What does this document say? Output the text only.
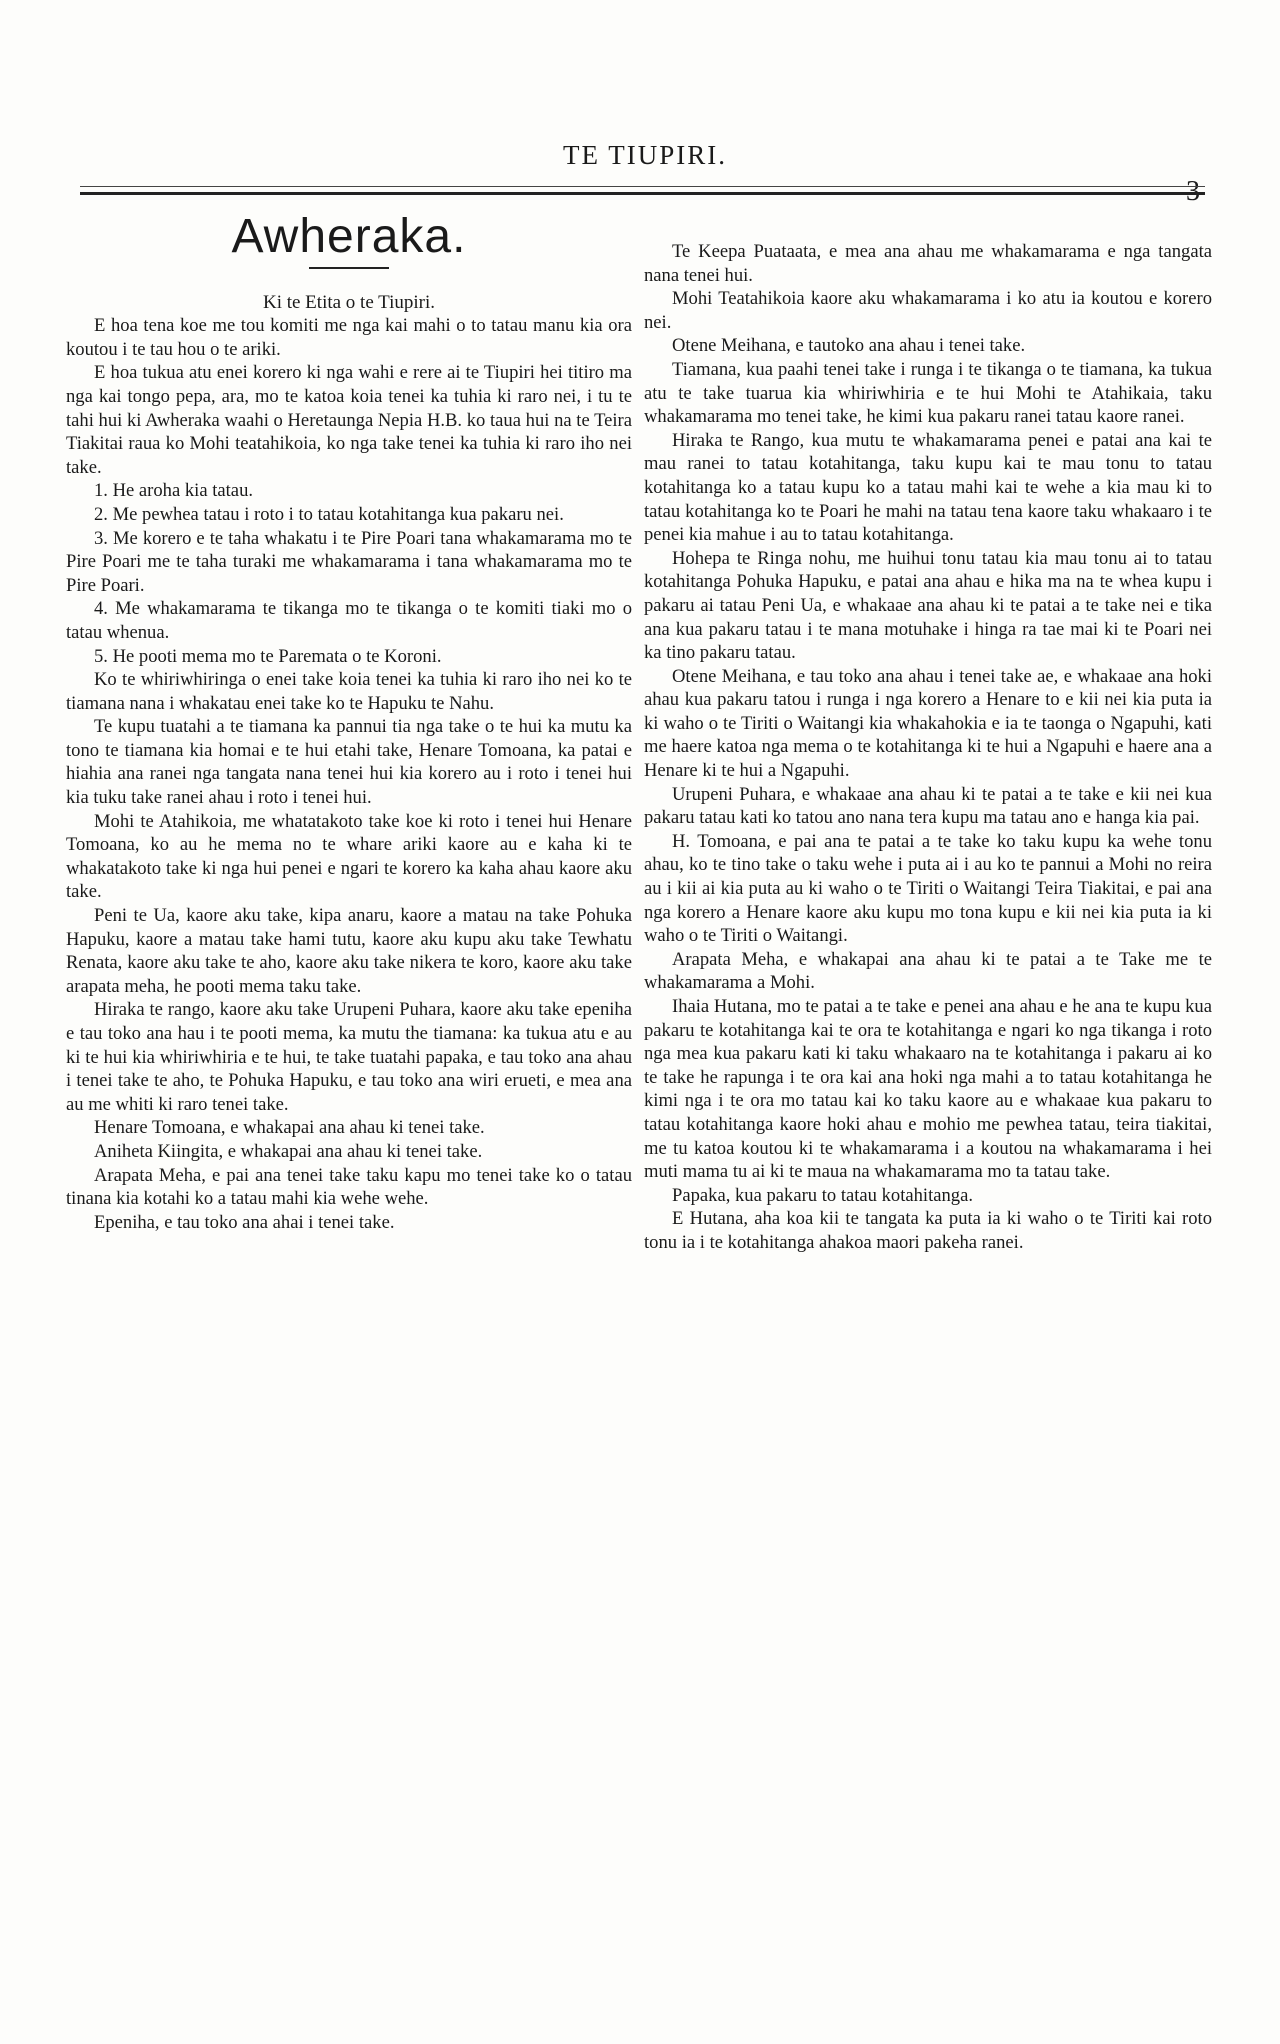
TE TIUPIRI.
3
Awheraka.

Ki te Etita o te Tiupiri.

E hoa tena koe me tou komiti me nga kai mahi o to tatau manu kia ora koutou i te tau hou o te ariki.

E hoa tukua atu enei korero ki nga wahi e rere ai te Tiupiri hei titiro ma nga kai tongo pepa, ara, mo te katoa koia tenei ka tuhia ki raro nei, i tu te tahi hui ki Awheraka waahi o Heretaunga Nepia H.B. ko taua hui na te Teira Tiakitai raua ko Mohi teatahikoia, ko nga take tenei ka tuhia ki raro iho nei take.

1. He aroha kia tatau.

2. Me pewhea tatau i roto i to tatau kotahitanga kua pakaru nei.

3. Me korero e te taha whakatu i te Pire Poari tana whakamarama mo te Pire Poari me te taha turaki me whakamarama i tana whakamarama mo te Pire Poari.

4. Me whakamarama te tikanga mo te tikanga o te komiti tiaki mo o tatau whenua.

5. He pooti mema mo te Paremata o te Koroni.

Ko te whiriwhiringa o enei take koia tenei ka tuhia ki raro iho nei ko te tiamana nana i whakatau enei take ko te Hapuku te Nahu.

Te kupu tuatahi a te tiamana ka pannui tia nga take o te hui ka mutu ka tono te tiamana kia homai e te hui etahi take, Henare Tomoana, ka patai e hiahia ana ranei nga tangata nana tenei hui kia korero au i roto i tenei hui kia tuku take ranei ahau i roto i tenei hui.

Mohi te Atahikoia, me whatatakoto take koe ki roto i tenei hui Henare Tomoana, ko au he mema no te whare ariki kaore au e kaha ki te whakatakoto take ki nga hui penei e ngari te korero ka kaha ahau kaore aku take.

Peni te Ua, kaore aku take, kipa anaru, kaore a matau na take Pohuka Hapuku, kaore a matau take hami tutu, kaore aku kupu aku take Tewhatu Renata, kaore aku take te aho, kaore aku take nikera te koro, kaore aku take arapata meha, he pooti mema taku take.

Hiraka te rango, kaore aku take Urupeni Puhara, kaore aku take epeniha e tau toko ana hau i te pooti mema, ka mutu the tiamana: ka tukua atu e au ki te hui kia whiriwhiria e te hui, te take tuatahi papaka, e tau toko ana ahau i tenei take te aho, te Pohuka Hapuku, e tau toko ana wiri erueti, e mea ana au me whiti ki raro tenei take.

Henare Tomoana, e whakapai ana ahau ki tenei take.

Aniheta Kiingita, e whakapai ana ahau ki tenei take.

Arapata Meha, e pai ana tenei take taku kapu mo tenei take ko o tatau tinana kia kotahi ko a tatau mahi kia wehe wehe.

Epeniha, e tau toko ana ahai i tenei take.

Te Keepa Puataata, e mea ana ahau me whakamarama e nga tangata nana tenei hui.

Mohi Teatahikoia kaore aku whakamarama i ko atu ia koutou e korero nei.

Otene Meihana, e tautoko ana ahau i tenei take.

Tiamana, kua paahi tenei take i runga i te tikanga o te tiamana, ka tukua atu te take tuarua kia whiriwhiria e te hui Mohi te Atahikaia, taku whakamarama mo tenei take, he kimi kua pakaru ranei tatau kaore ranei.

Hiraka te Rango, kua mutu te whakamarama penei e patai ana kai te mau ranei to tatau kotahitanga, taku kupu kai te mau tonu to tatau kotahitanga ko a tatau kupu ko a tatau mahi kai te wehe a kia mau ki to tatau kotahitanga ko te Poari he mahi na tatau tena kaore taku whakaaro i te penei kia mahue i au to tatau kotahitanga.

Hohepa te Ringa nohu, me huihui tonu tatau kia mau tonu ai to tatau kotahitanga Pohuka Hapuku, e patai ana ahau e hika ma na te whea kupu i pakaru ai tatau Peni Ua, e whakaae ana ahau ki te patai a te take nei e tika ana kua pakaru tatau i te mana motuhake i hinga ra tae mai ki te Poari nei ka tino pakaru tatau.

Otene Meihana, e tau toko ana ahau i tenei take ae, e whakaae ana hoki ahau kua pakaru tatou i runga i nga korero a Henare to e kii nei kia puta ia ki waho o te Tiriti o Waitangi kia whakahokia e ia te taonga o Ngapuhi, kati me haere katoa nga mema o te kotahitanga ki te hui a Ngapuhi e haere ana a Henare ki te hui a Ngapuhi.

Urupeni Puhara, e whakaae ana ahau ki te patai a te take e kii nei kua pakaru tatau kati ko tatou ano nana tera kupu ma tatau ano e hanga kia pai.

H. Tomoana, e pai ana te patai a te take ko taku kupu ka wehe tonu ahau, ko te tino take o taku wehe i puta ai i au ko te pannui a Mohi no reira au i kii ai kia puta au ki waho o te Tiriti o Waitangi Teira Tiakitai, e pai ana nga korero a Henare kaore aku kupu mo tona kupu e kii nei kia puta ia ki waho o te Tiriti o Waitangi.

Arapata Meha, e whakapai ana ahau ki te patai a te Take me te whakamarama a Mohi.

Ihaia Hutana, mo te patai a te take e penei ana ahau e he ana te kupu kua pakaru te kotahitanga kai te ora te kotahitanga e ngari ko nga tikanga i roto nga mea kua pakaru kati ki taku whakaaro na te kotahitanga i pakaru ai ko te take he rapunga i te ora kai ana hoki nga mahi a to tatau kotahitanga he kimi nga i te ora mo tatau kai ko taku kaore au e whakaae kua pakaru to tatau kotahitanga kaore hoki ahau e mohio me pewhea tatau, teira tiakitai, me tu katoa koutou ki te whakamarama i a koutou na whakamarama i hei muti mama tu ai ki te maua na whakamarama mo ta tatau take.

Papaka, kua pakaru to tatau kotahitanga.

E Hutana, aha koa kii te tangata ka puta ia ki waho o te Tiriti kai roto tonu ia i te kotahitanga ahakoa maori pakeha ranei.
